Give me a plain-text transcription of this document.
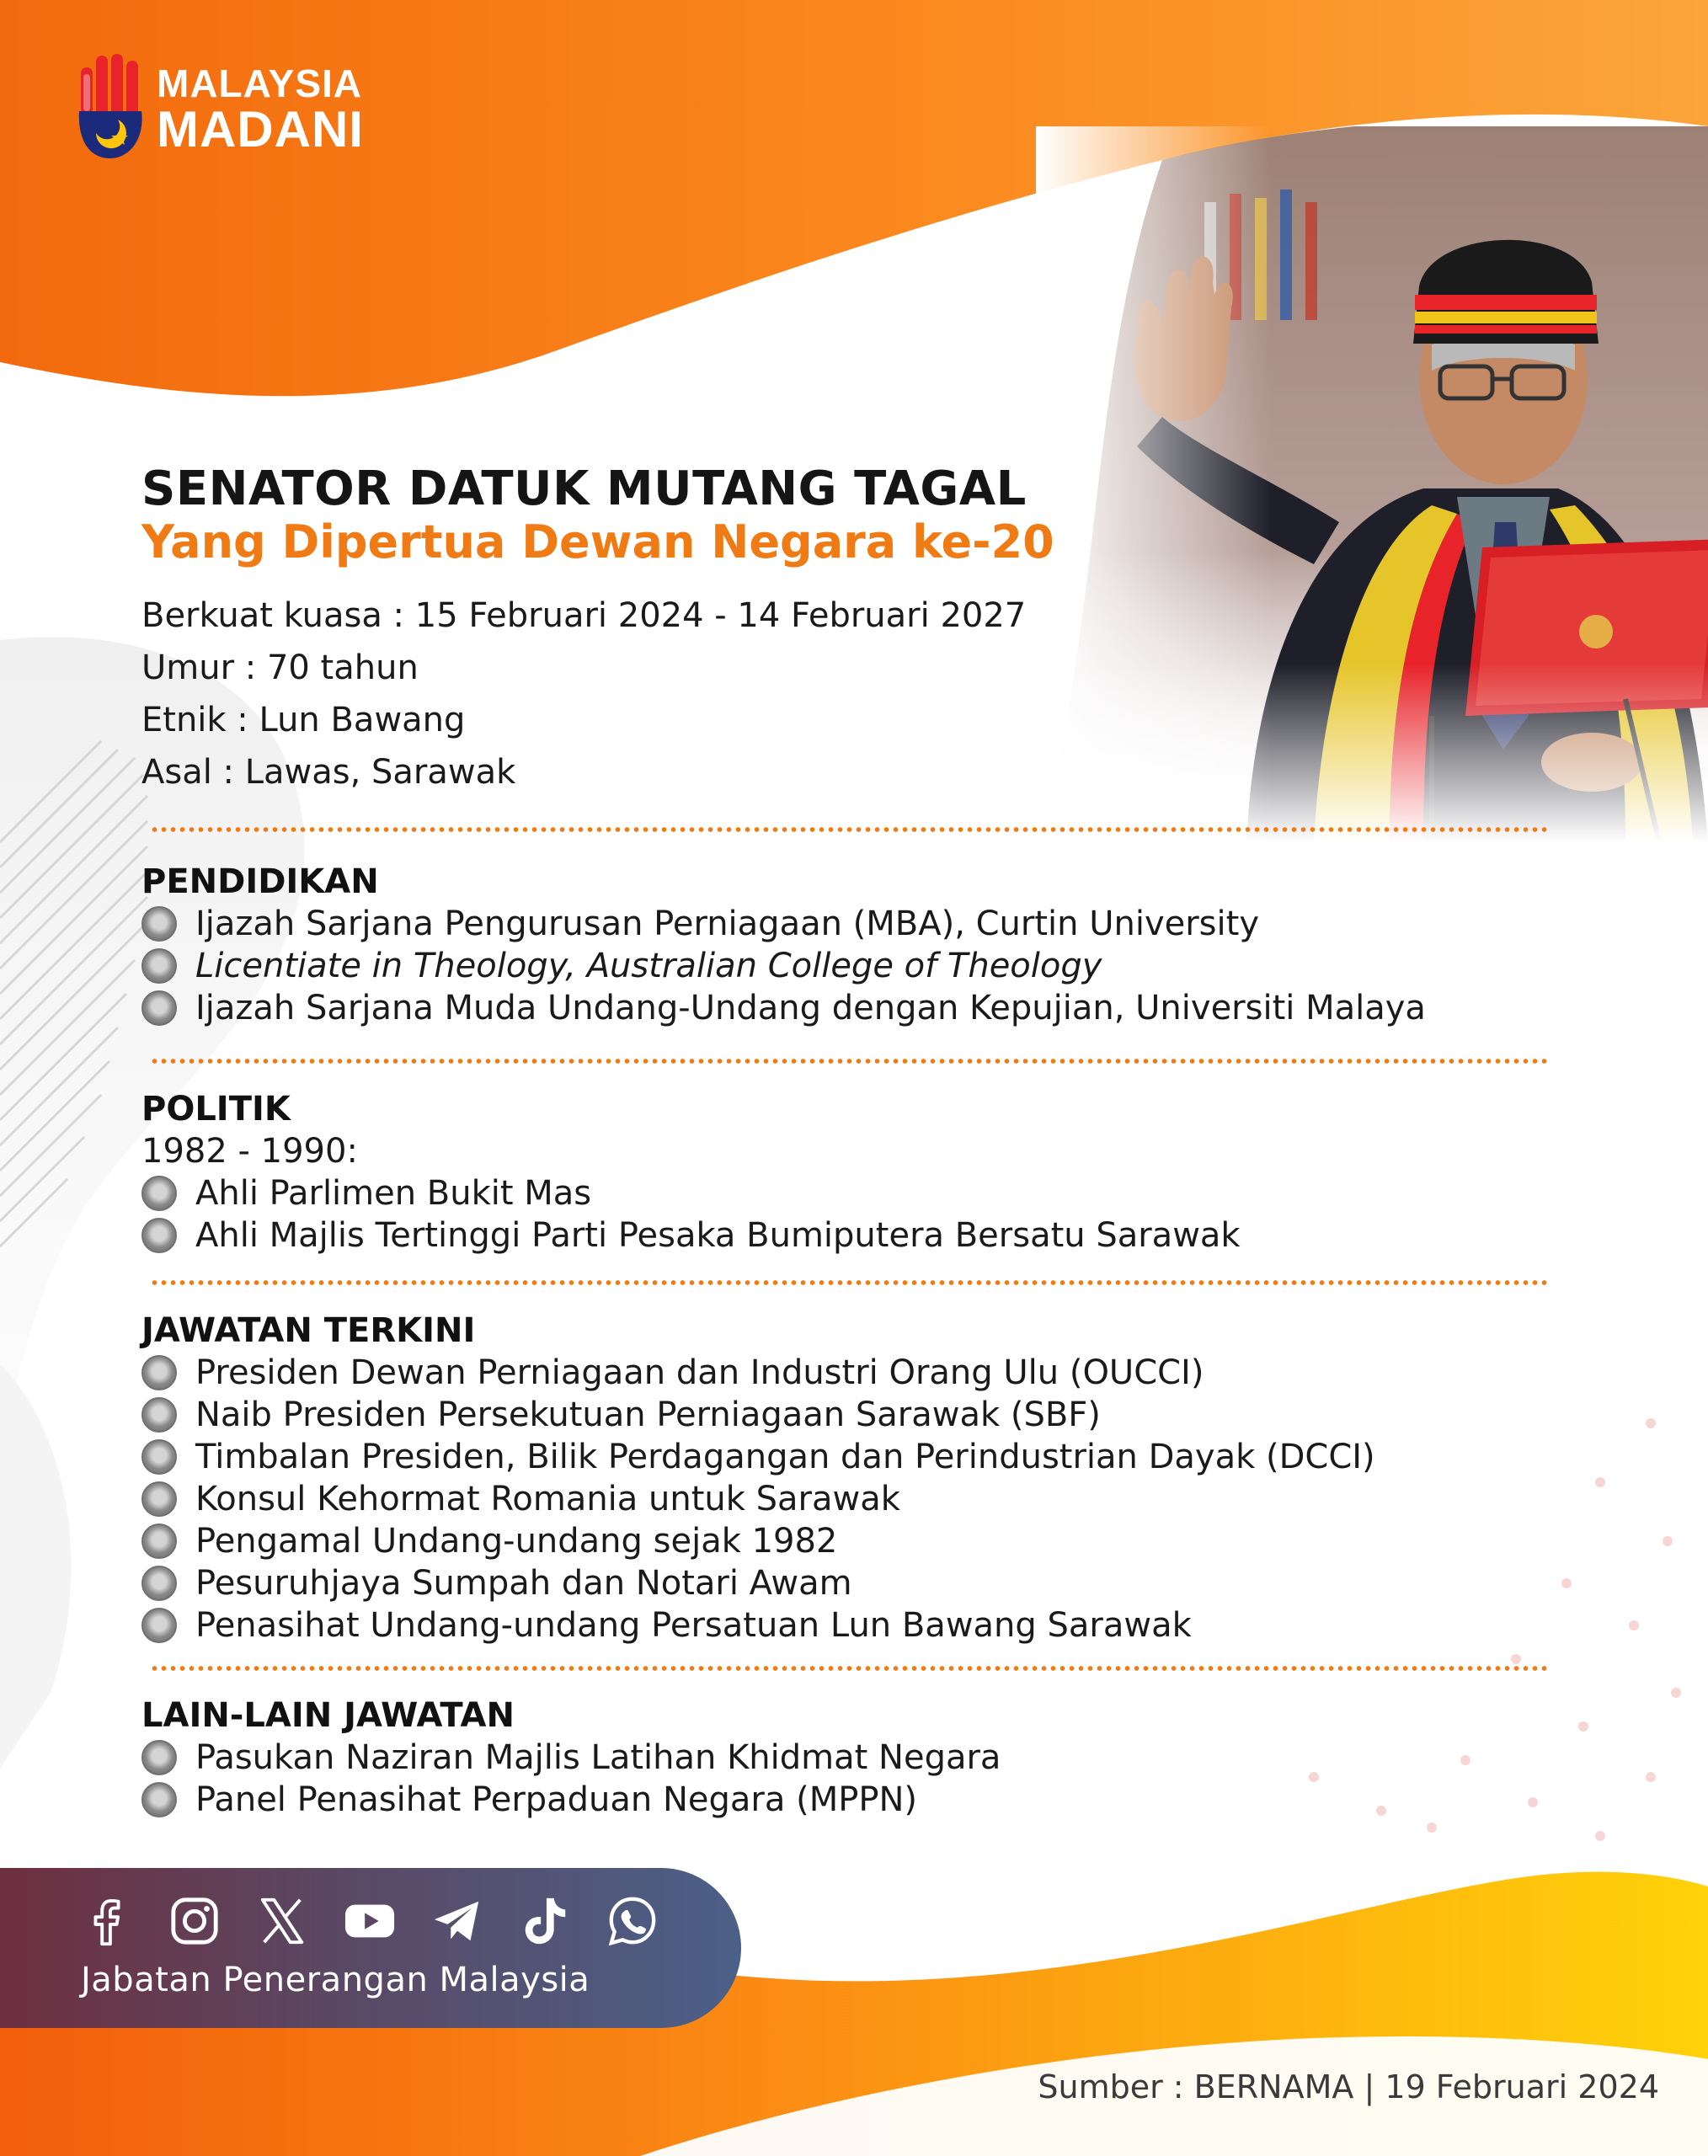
MALAYSIA
MADANI
SENATOR DATUK MUTANG TAGAL
Yang Dipertua Dewan Negara ke-20
Berkuat kuasa : 15 Februari 2024 - 14 Februari 2027
Umur : 70 tahun
Etnik : Lun Bawang
Asal : Lawas, Sarawak
PENDIDIKAN
Ijazah Sarjana Pengurusan Perniagaan (MBA), Curtin University
Licentiate in Theology, Australian College of Theology
Ijazah Sarjana Muda Undang-Undang dengan Kepujian, Universiti Malaya
POLITIK
1982 - 1990:
Ahli Parlimen Bukit Mas
Ahli Majlis Tertinggi Parti Pesaka Bumiputera Bersatu Sarawak
JAWATAN TERKINI
Presiden Dewan Perniagaan dan Industri Orang Ulu (OUCCI)
Naib Presiden Persekutuan Perniagaan Sarawak (SBF)
Timbalan Presiden, Bilik Perdagangan dan Perindustrian Dayak (DCCI)
Konsul Kehormat Romania untuk Sarawak
Pengamal Undang-undang sejak 1982
Pesuruhjaya Sumpah dan Notari Awam
Penasihat Undang-undang Persatuan Lun Bawang Sarawak
LAIN-LAIN JAWATAN
Pasukan Naziran Majlis Latihan Khidmat Negara
Panel Penasihat Perpaduan Negara (MPPN)
Jabatan Penerangan Malaysia
Sumber : BERNAMA | 19 Februari 2024
